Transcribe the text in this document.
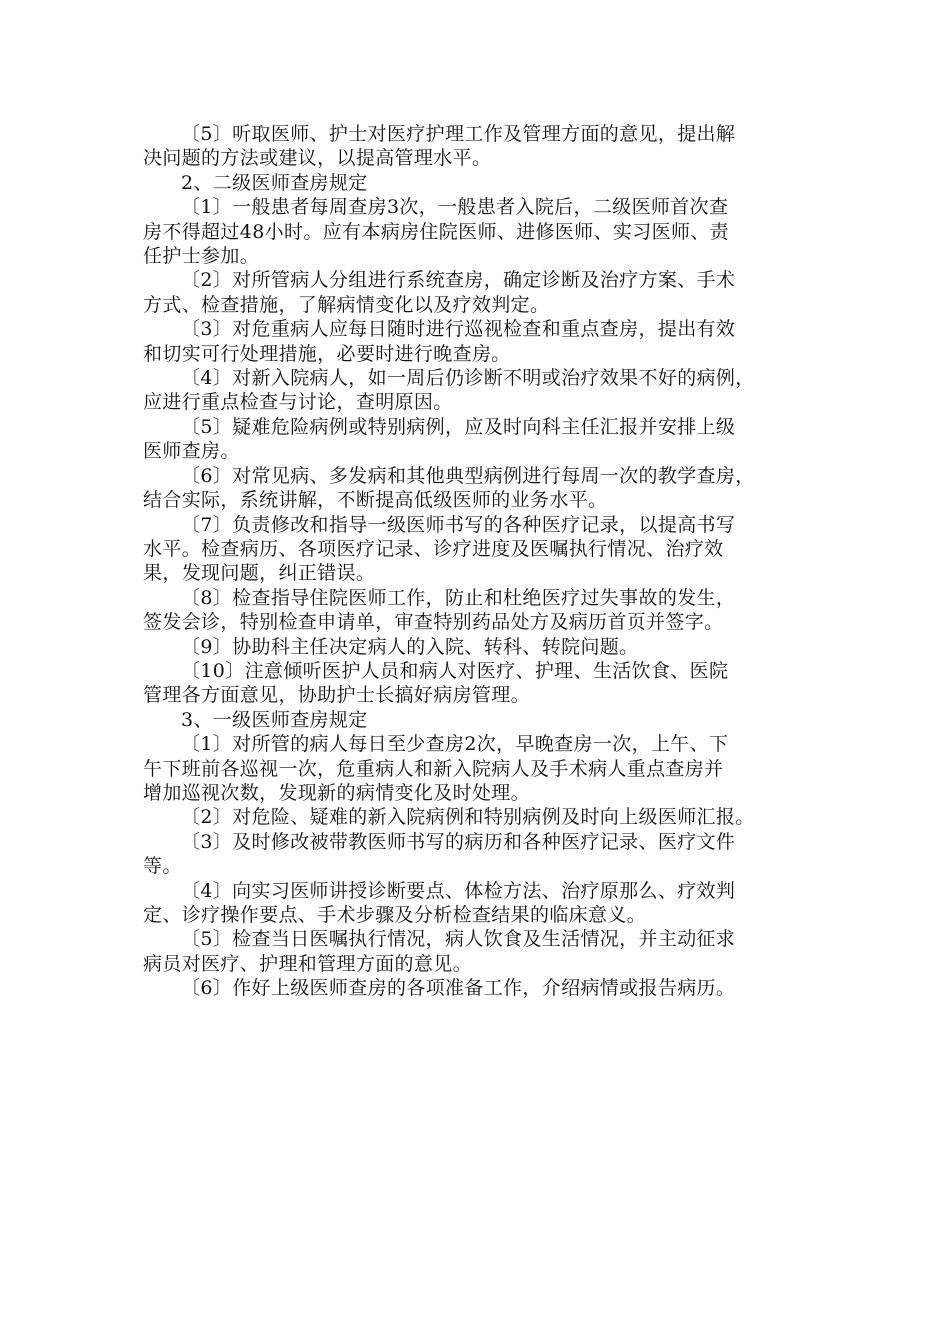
〔5〕听取医师、护士对医疗护理工作及管理方面的意见，提出解
决问题的方法或建议，以提高管理水平。

2、二级医师查房规定

〔1〕一般患者每周查房3次，一般患者入院后，二级医师首次查
房不得超过48小时。应有本病房住院医师、进修医师、实习医师、责
任护士参加。

〔2〕对所管病人分组进行系统查房，确定诊断及治疗方案、手术
方式、检查措施，了解病情变化以及疗效判定。

〔3〕对危重病人应每日随时进行巡视检查和重点查房，提出有效
和切实可行处理措施，必要时进行晚查房。

〔4〕对新入院病人，如一周后仍诊断不明或治疗效果不好的病例，
应进行重点检查与讨论，查明原因。

〔5〕疑难危险病例或特别病例，应及时向科主任汇报并安排上级
医师查房。

〔6〕对常见病、多发病和其他典型病例进行每周一次的教学查房，
结合实际，系统讲解，不断提高低级医师的业务水平。

〔7〕负责修改和指导一级医师书写的各种医疗记录，以提高书写
水平。检查病历、各项医疗记录、诊疗进度及医嘱执行情况、治疗效
果，发现问题，纠正错误。

〔8〕检查指导住院医师工作，防止和杜绝医疗过失事故的发生，
签发会诊，特别检查申请单，审查特别药品处方及病历首页并签字。

〔9〕协助科主任决定病人的入院、转科、转院问题。

〔10〕注意倾听医护人员和病人对医疗、护理、生活饮食、医院
管理各方面意见，协助护士长搞好病房管理。

3、一级医师查房规定

〔1〕对所管的病人每日至少查房2次，早晚查房一次，上午、下
午下班前各巡视一次，危重病人和新入院病人及手术病人重点查房并
增加巡视次数，发现新的病情变化及时处理。

〔2〕对危险、疑难的新入院病例和特别病例及时向上级医师汇报。

〔3〕及时修改被带教医师书写的病历和各种医疗记录、医疗文件
等。

〔4〕向实习医师讲授诊断要点、体检方法、治疗原那么、疗效判
定、诊疗操作要点、手术步骤及分析检查结果的临床意义。

〔5〕检查当日医嘱执行情况，病人饮食及生活情况，并主动征求
病员对医疗、护理和管理方面的意见。

〔6〕作好上级医师查房的各项准备工作，介绍病情或报告病历。
